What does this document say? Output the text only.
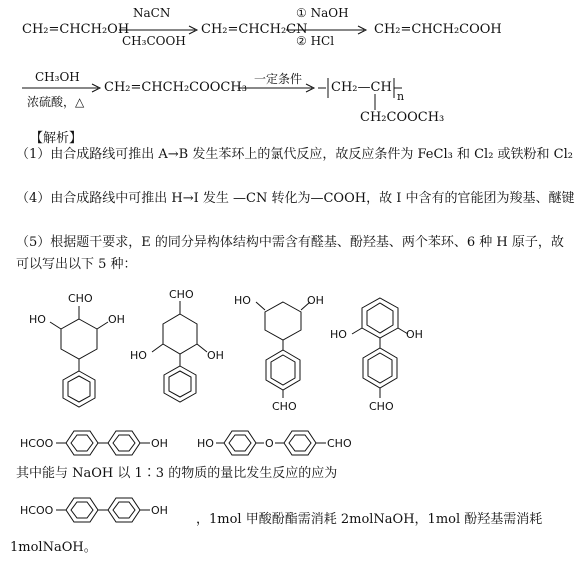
CH₂=CHCH₂OH
NaCN
CH₃COOH
CH₂=CHCH₂CN
① NaOH
② HCl
CH₂=CHCH₂COOH
CH₃OH
浓硫酸，△
CH₂=CHCH₂COOCH₃
一定条件
CH₂—CH
n
CH₂COOCH₃
【解析】

（1）由合成路线可推出 A→B 发生苯环上的氯代反应，故反应条件为 FeCl₃ 和 Cl₂ 或铁粉和 Cl₂

（4）由合成路线中可推出 H→I 发生 —CN 转化为—COOH，故 I 中含有的官能团为羧基、醚键

（5）根据题干要求，E 的同分异构体结构中需含有醛基、酚羟基、两个苯环、6 种 H 原子，故可以写出以下 5 种：

CHO
HO	OH
CHO
HO	OH
HO	OH
CHO
HO	OH
CHO
HCOO	OH	HO	O	CHO

其中能与 NaOH 以 1∶3 的物质的量比发生反应的应为

HCOO	OH
，1mol 甲酸酚酯需消耗 2molNaOH，1mol 酚羟基需消耗
1molNaOH。
